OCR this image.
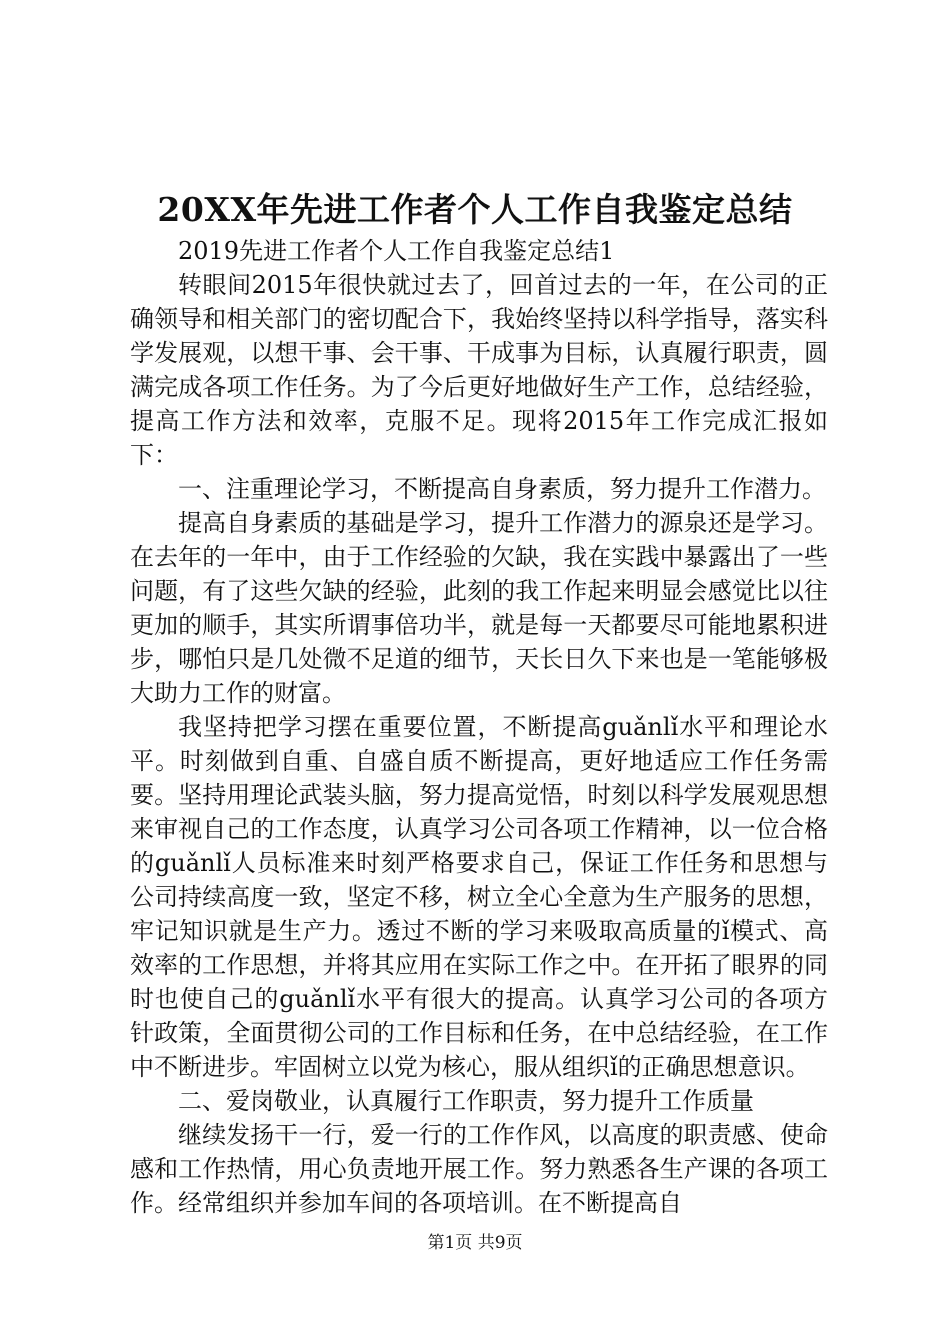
20XX年先进工作者个人工作自我鉴定总结

2019先进工作者个人工作自我鉴定总结1

转眼间2015年很快就过去了，回首过去的一年，在公司的正确领导和相关部门的密切配合下，我始终坚持以科学指导，落实科学发展观，以想干事、会干事、干成事为目标，认真履行职责，圆满完成各项工作任务。为了今后更好地做好生产工作，总结经验，提高工作方法和效率，克服不足。现将2015年工作完成汇报如下：

一、注重理论学习，不断提高自身素质，努力提升工作潜力。

提高自身素质的基础是学习，提升工作潜力的源泉还是学习。在去年的一年中，由于工作经验的欠缺，我在实践中暴露出了一些问题，有了这些欠缺的经验，此刻的我工作起来明显会感觉比以往更加的顺手，其实所谓事倍功半，就是每一天都要尽可能地累积进步，哪怕只是几处微不足道的细节，天长日久下来也是一笔能够极大助力工作的财富。

我坚持把学习摆在重要位置，不断提高guǎnlǐ水平和理论水平。时刻做到自重、自盛自质不断提高，更好地适应工作任务需要。坚持用理论武装头脑，努力提高觉悟，时刻以科学发展观思想来审视自己的工作态度，认真学习公司各项工作精神，以一位合格的guǎnlǐ人员标准来时刻严格要求自己，保证工作任务和思想与公司持续高度一致，坚定不移，树立全心全意为生产服务的思想，牢记知识就是生产力。透过不断的学习来吸取高质量的ǐ模式、高效率的工作思想，并将其应用在实际工作之中。在开拓了眼界的同时也使自己的guǎnlǐ水平有很大的提高。认真学习公司的各项方针政策，全面贯彻公司的工作目标和任务，在中总结经验，在工作中不断进步。牢固树立以党为核心，服从组织ǐ的正确思想意识。

二、爱岗敬业，认真履行工作职责，努力提升工作质量

继续发扬干一行，爱一行的工作作风，以高度的职责感、使命感和工作热情，用心负责地开展工作。努力熟悉各生产课的各项工作。经常组织并参加车间的各项培训。在不断提高自

第1页 共9页
